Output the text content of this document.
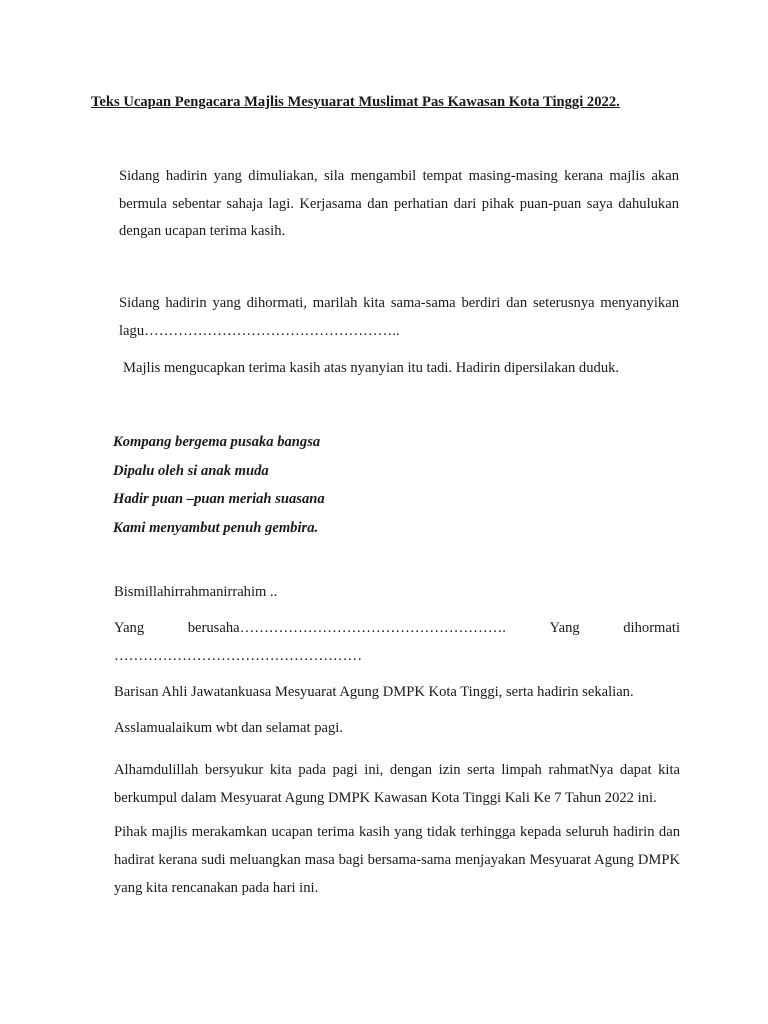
Teks Ucapan Pengacara Majlis Mesyuarat Muslimat Pas Kawasan Kota Tinggi 2022.
Sidang hadirin yang dimuliakan, sila mengambil tempat masing-masing kerana majlis akan bermula sebentar sahaja lagi. Kerjasama dan perhatian dari pihak puan-puan saya dahulukan dengan ucapan terima kasih.
Sidang hadirin yang dihormati, marilah kita sama-sama berdiri dan seterusnya menyanyikan lagu……………………………………………..
Majlis mengucapkan terima kasih atas nyanyian itu tadi. Hadirin dipersilakan duduk.
Kompang bergema pusaka bangsa
Dipalu oleh si anak muda
Hadir puan –puan meriah suasana
Kami menyambut penuh gembira.
Bismillahirrahmanirrahim ..
Yang	berusaha……………………………………………….	Yang	dihormati
……………………………………………
Barisan Ahli Jawatankuasa Mesyuarat Agung DMPK Kota Tinggi, serta hadirin sekalian.
Asslamualaikum wbt dan selamat pagi.
Alhamdulillah bersyukur kita pada pagi ini, dengan izin serta limpah rahmatNya dapat kita berkumpul dalam Mesyuarat Agung DMPK Kawasan Kota Tinggi Kali Ke 7 Tahun 2022 ini.
Pihak majlis merakamkan ucapan terima kasih yang tidak terhingga kepada seluruh hadirin dan hadirat kerana sudi meluangkan masa bagi bersama-sama menjayakan Mesyuarat Agung DMPK yang kita rencanakan pada hari ini.
